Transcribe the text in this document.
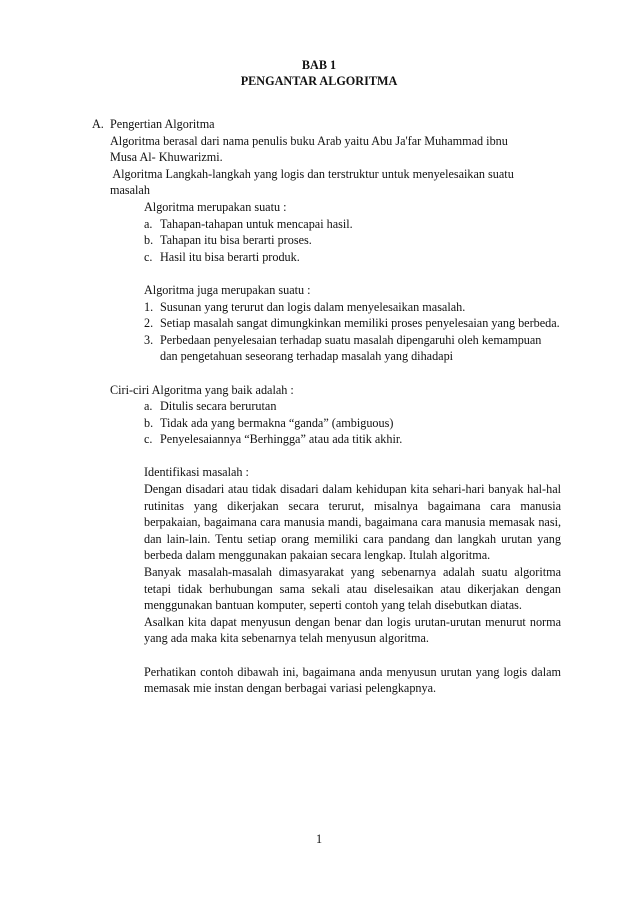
BAB 1
PENGANTAR ALGORITMA
A. Pengertian Algoritma
Algoritma berasal dari nama penulis buku Arab yaitu Abu Ja'far Muhammad ibnu
Musa Al- Khuwarizmi.
Algoritma Langkah-langkah yang logis dan terstruktur untuk menyelesaikan suatu
masalah
Algoritma merupakan suatu :
a. Tahapan-tahapan untuk mencapai hasil.
b. Tahapan itu bisa berarti proses.
c. Hasil itu bisa berarti produk.
Algoritma juga merupakan suatu :
1. Susunan yang terurut dan logis dalam menyelesaikan masalah.
2. Setiap masalah sangat dimungkinkan memiliki proses penyelesaian yang berbeda.
3. Perbedaan penyelesaian terhadap suatu masalah dipengaruhi oleh kemampuan dan pengetahuan seseorang terhadap masalah yang dihadapi
Ciri-ciri Algoritma yang baik adalah :
a. Ditulis secara berurutan
b. Tidak ada yang bermakna “ganda” (ambiguous)
c. Penyelesaiannya “Berhingga” atau ada titik akhir.
Identifikasi masalah :
Dengan disadari atau tidak disadari dalam kehidupan kita sehari-hari banyak hal-hal rutinitas yang dikerjakan secara terurut, misalnya bagaimana cara manusia berpakaian, bagaimana cara manusia mandi, bagaimana cara manusia memasak nasi, dan lain-lain. Tentu setiap orang memiliki cara pandang dan langkah urutan yang berbeda dalam menggunakan pakaian secara lengkap. Itulah algoritma.
Banyak masalah-masalah dimasyarakat yang sebenarnya adalah suatu algoritma tetapi tidak berhubungan sama sekali atau diselesaikan atau dikerjakan dengan menggunakan bantuan komputer, seperti contoh yang telah disebutkan diatas.
Asalkan kita dapat menyusun dengan benar dan logis urutan-urutan menurut norma yang ada maka kita sebenarnya telah menyusun algoritma.
Perhatikan contoh dibawah ini, bagaimana anda menyusun urutan yang logis dalam memasak mie instan dengan berbagai variasi pelengkapnya.
1
